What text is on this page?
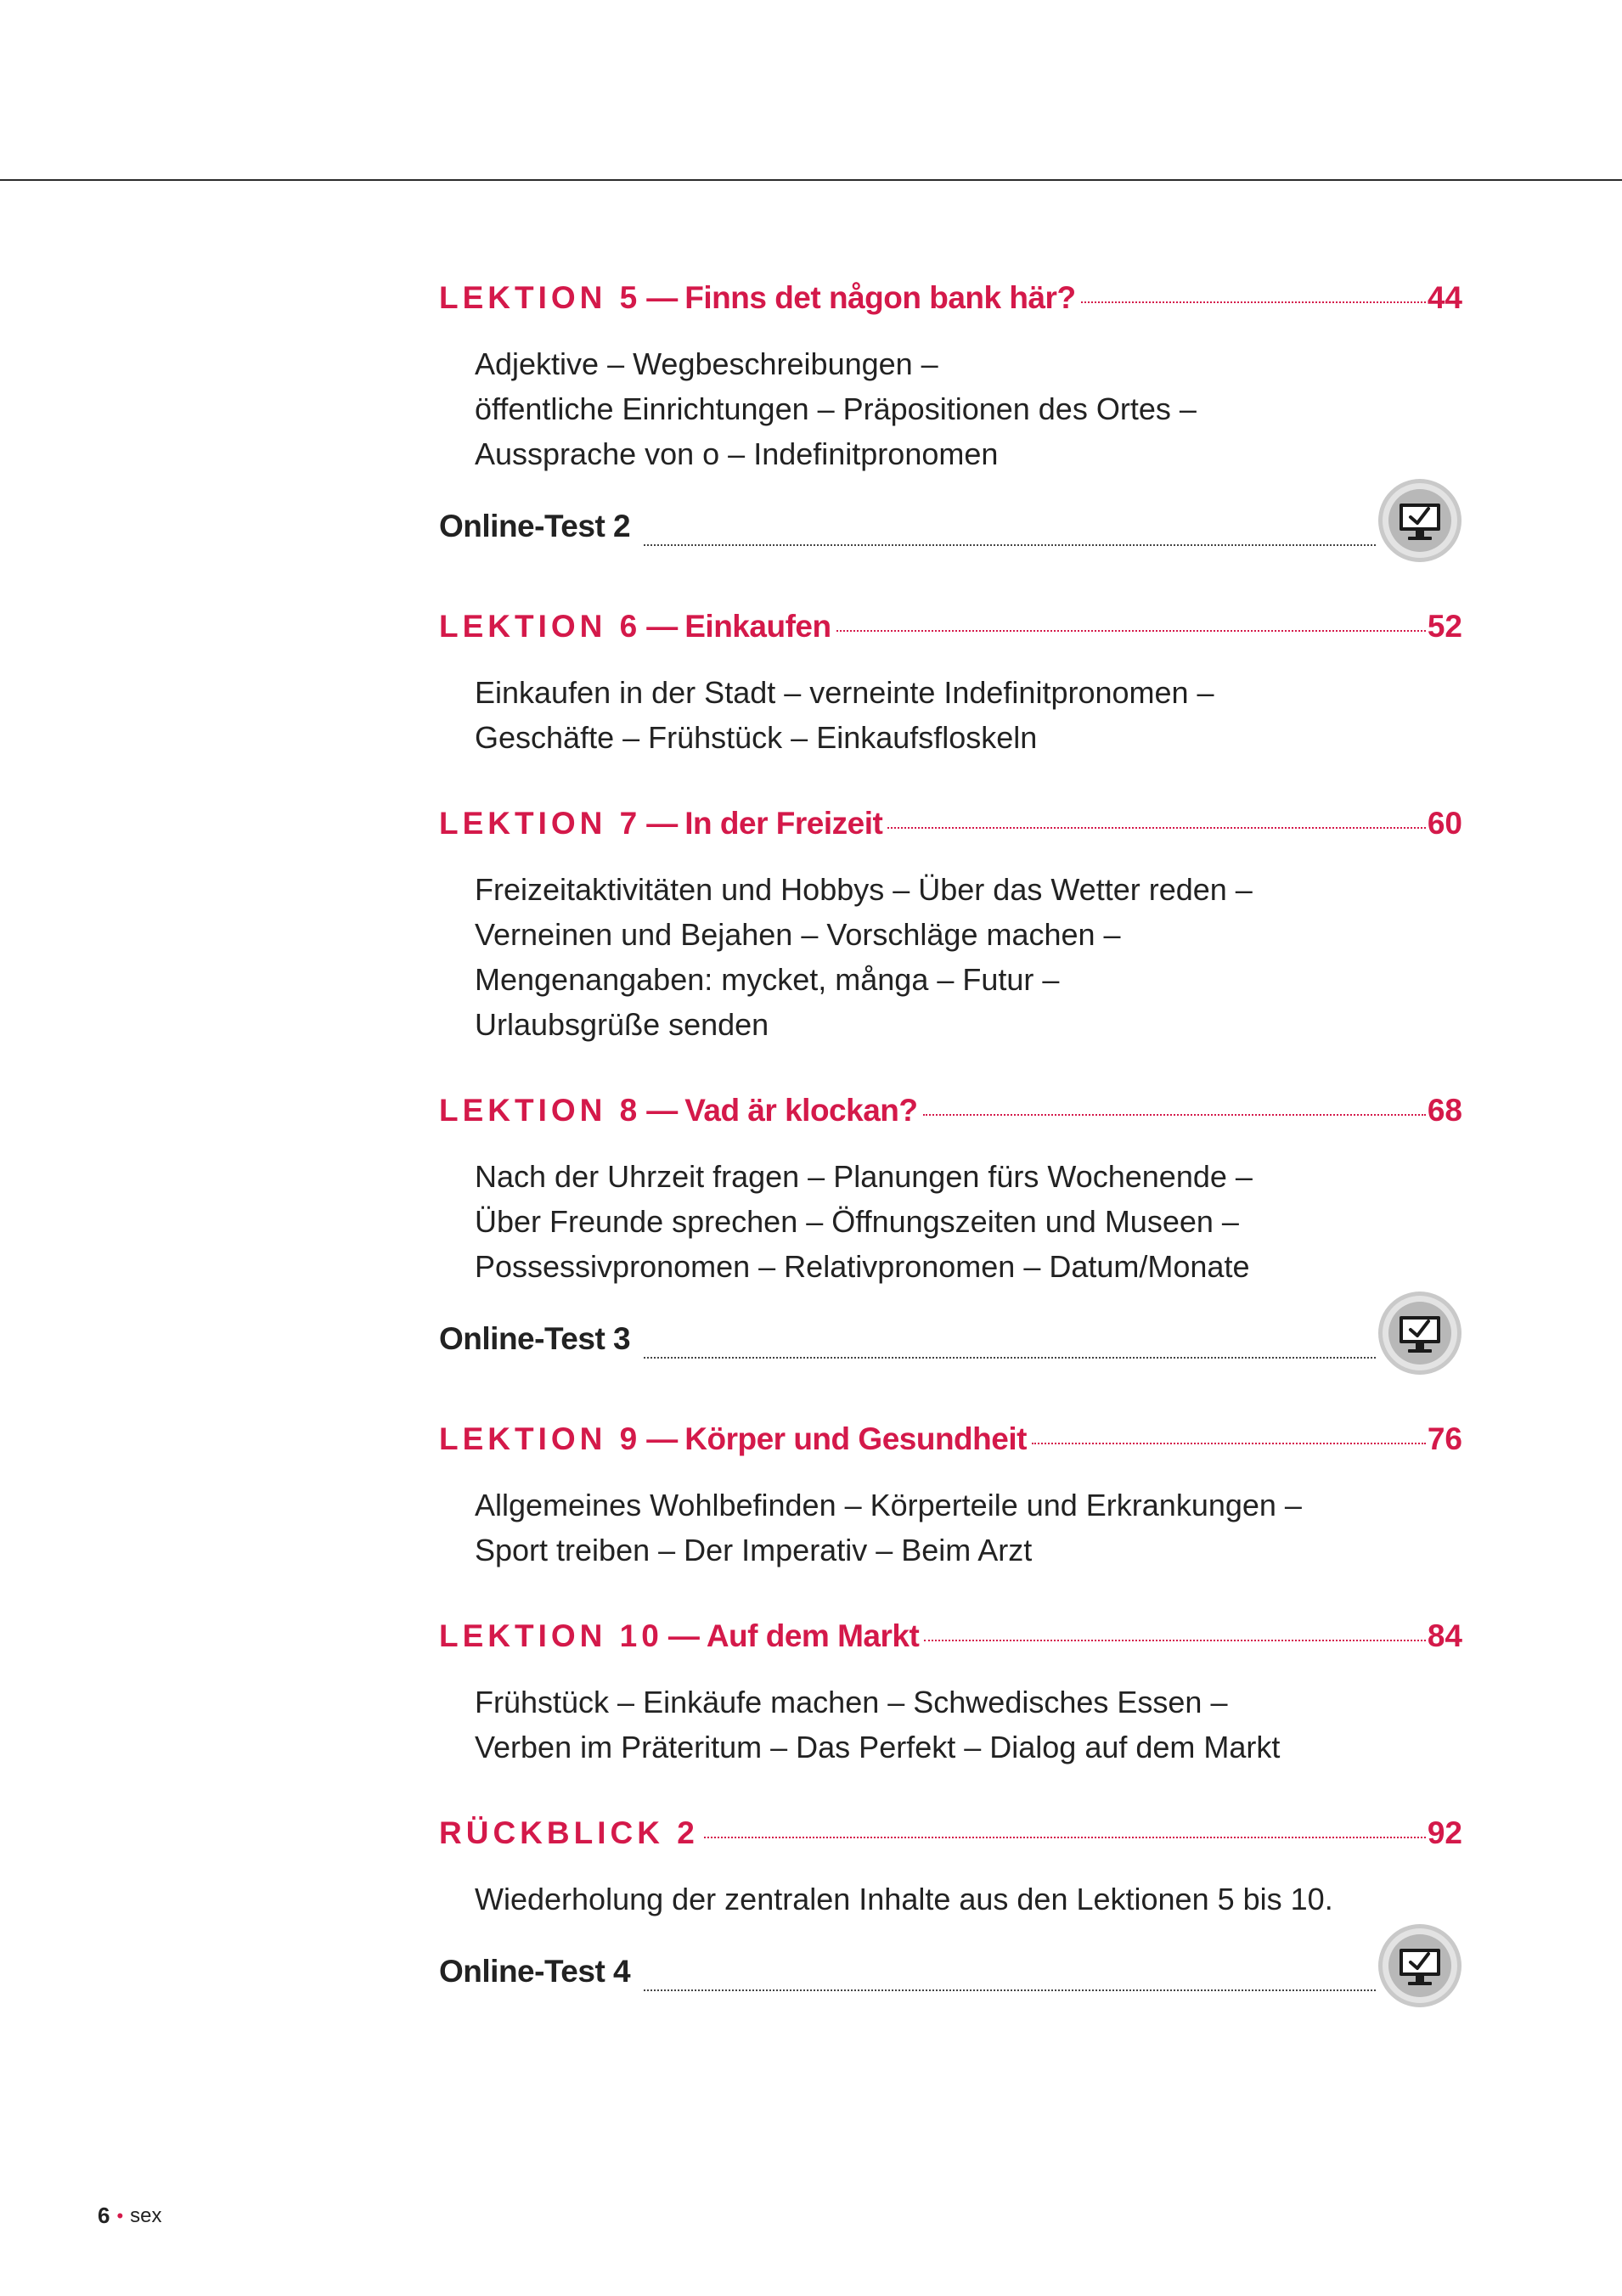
LEKTION 5 — Finns det någon bank här?	44
Adjektive – Wegbeschreibungen –
öffentliche Einrichtungen – Präpositionen des Ortes –
Aussprache von o – Indefinitpronomen
Online-Test 2
LEKTION 6 — Einkaufen	52
Einkaufen in der Stadt – verneinte Indefinitpronomen –
Geschäfte – Frühstück – Einkaufsfloskeln
LEKTION 7 — In der Freizeit	60
Freizeitaktivitäten und Hobbys – Über das Wetter reden –
Verneinen und Bejahen – Vorschläge machen –
Mengenangaben: mycket, många – Futur –
Urlaubsgrüße senden
LEKTION 8 — Vad är klockan?	68
Nach der Uhrzeit fragen – Planungen fürs Wochenende –
Über Freunde sprechen – Öffnungszeiten und Museen –
Possessivpronomen – Relativpronomen – Datum/Monate
Online-Test 3
LEKTION 9 — Körper und Gesundheit	76
Allgemeines Wohlbefinden – Körperteile und Erkrankungen –
Sport treiben – Der Imperativ – Beim Arzt
LEKTION 10 — Auf dem Markt	84
Frühstück – Einkäufe machen – Schwedisches Essen –
Verben im Präteritum – Das Perfekt – Dialog auf dem Markt
RÜCKBLICK 2	92
Wiederholung der zentralen Inhalte aus den Lektionen 5 bis 10.
Online-Test 4
6 • sex
